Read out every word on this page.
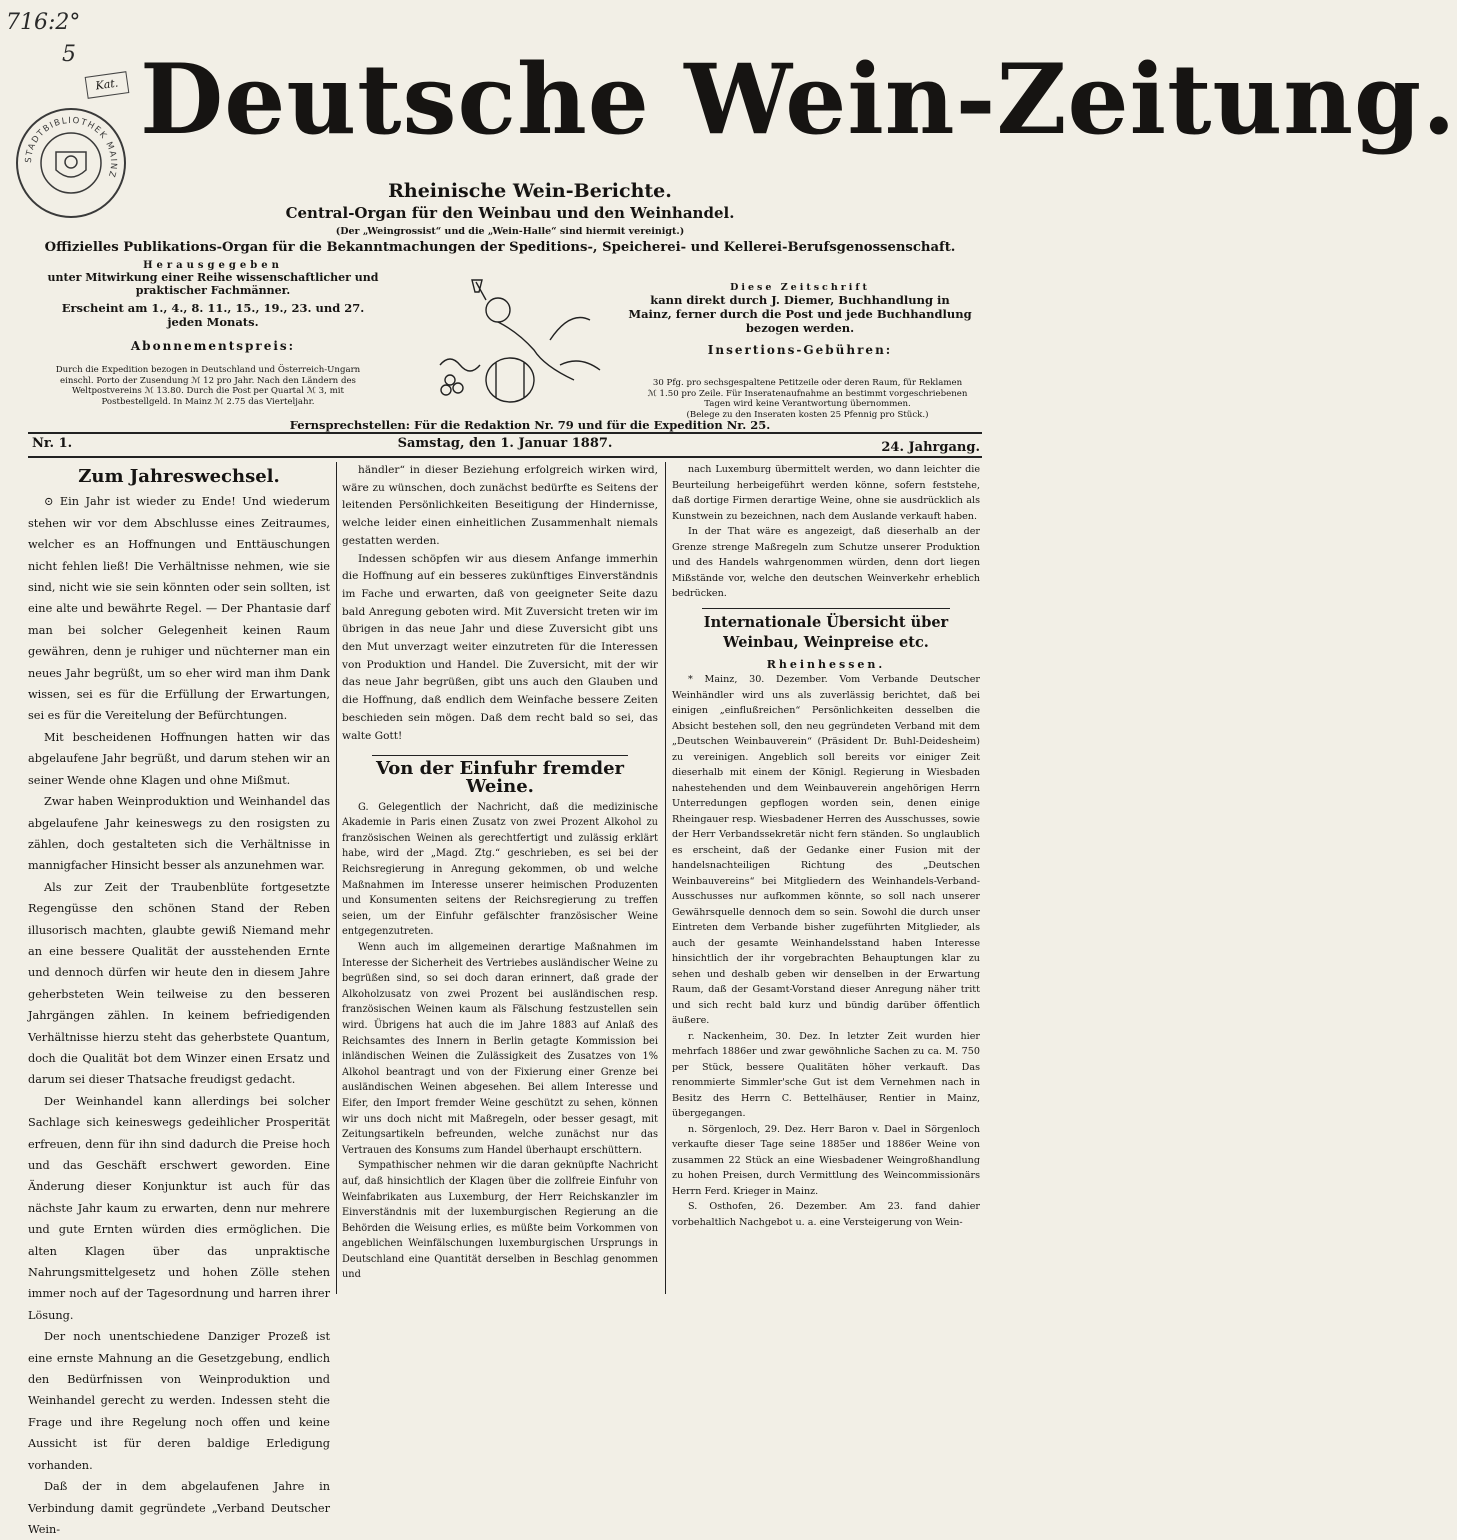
716:2°
5
Kat.
STADTBIBLIOTHEK MAINZ
Deutsche Wein-Zeitung.
Rheinische Wein-Berichte.
Central-Organ für den Weinbau und den Weinhandel.
(Der „Weingrossist“ und die „Wein-Halle“ sind hiermit vereinigt.)
Offizielles Publikations-Organ für die Bekanntmachungen der Speditions-, Speicherei- und Kellerei-Berufsgenossenschaft.
Herausgegeben
unter Mitwirkung einer Reihe wissenschaftlicher und
praktischer Fachmänner.
Erscheint am 1., 4., 8. 11., 15., 19., 23. und 27.
jeden Monats.
Abonnementspreis:
Durch die Expedition bezogen in Deutschland und Österreich-Ungarn
einschl. Porto der Zusendung ℳ 12 pro Jahr. Nach den Ländern des
Weltpostvereins ℳ 13.80. Durch die Post per Quartal ℳ 3, mit
Postbestellgeld. In Mainz ℳ 2.75 das Vierteljahr.
Diese Zeitschrift
kann direkt durch J. Diemer, Buchhandlung in
Mainz, ferner durch die Post und jede Buchhandlung
bezogen werden.
Insertions-Gebühren:
30 Pfg. pro sechsgespaltene Petitzeile oder deren Raum, für Reklamen
ℳ 1.50 pro Zeile. Für Inseratenaufnahme an bestimmt vorgeschriebenen
Tagen wird keine Verantwortung übernommen.
(Belege zu den Inseraten kosten 25 Pfennig pro Stück.)
Fernsprechstellen: Für die Redaktion Nr. 79 und für die Expedition Nr. 25.
Nr. 1.	Samstag, den 1. Januar 1887.	24. Jahrgang.
Zum Jahreswechsel.

⊙ Ein Jahr ist wieder zu Ende! Und wiederum stehen wir vor dem Abschlusse eines Zeitraumes, welcher es an Hoffnungen und Enttäuschungen nicht fehlen ließ! Die Verhältnisse nehmen, wie sie sind, nicht wie sie sein könnten oder sein sollten, ist eine alte und bewährte Regel. — Der Phantasie darf man bei solcher Gelegenheit keinen Raum gewähren, denn je ruhiger und nüchterner man ein neues Jahr begrüßt, um so eher wird man ihm Dank wissen, sei es für die Erfüllung der Erwartungen, sei es für die Vereitelung der Befürchtungen.

Mit bescheidenen Hoffnungen hatten wir das abgelaufene Jahr begrüßt, und darum stehen wir an seiner Wende ohne Klagen und ohne Mißmut.

Zwar haben Weinproduktion und Weinhandel das abgelaufene Jahr keineswegs zu den rosigsten zu zählen, doch gestalteten sich die Verhältnisse in mannigfacher Hinsicht besser als anzunehmen war.

Als zur Zeit der Traubenblüte fortgesetzte Regengüsse den schönen Stand der Reben illusorisch machten, glaubte gewiß Niemand mehr an eine bessere Qualität der ausstehenden Ernte und dennoch dürfen wir heute den in diesem Jahre geherbsteten Wein teilweise zu den besseren Jahrgängen zählen. In keinem befriedigenden Verhältnisse hierzu steht das geherbstete Quantum, doch die Qualität bot dem Winzer einen Ersatz und darum sei dieser Thatsache freudigst gedacht.

Der Weinhandel kann allerdings bei solcher Sachlage sich keineswegs gedeihlicher Prosperität erfreuen, denn für ihn sind dadurch die Preise hoch und das Geschäft erschwert geworden. Eine Änderung dieser Konjunktur ist auch für das nächste Jahr kaum zu erwarten, denn nur mehrere und gute Ernten würden dies ermöglichen. Die alten Klagen über das unpraktische Nahrungsmittelgesetz und hohen Zölle stehen immer noch auf der Tagesordnung und harren ihrer Lösung.

Der noch unentschiedene Danziger Prozeß ist eine ernste Mahnung an die Gesetzgebung, endlich den Bedürfnissen von Weinproduktion und Weinhandel gerecht zu werden. Indessen steht die Frage und ihre Regelung noch offen und keine Aussicht ist für deren baldige Erledigung vorhanden.

Daß der in dem abgelaufenen Jahre in Verbindung damit gegründete „Verband Deutscher Wein-

händler“ in dieser Beziehung erfolgreich wirken wird, wäre zu wünschen, doch zunächst bedürfte es Seitens der leitenden Persönlichkeiten Beseitigung der Hindernisse, welche leider einen einheitlichen Zusammenhalt niemals gestatten werden.

Indessen schöpfen wir aus diesem Anfange immerhin die Hoffnung auf ein besseres zukünftiges Einverständnis im Fache und erwarten, daß von geeigneter Seite dazu bald Anregung geboten wird. Mit Zuversicht treten wir im übrigen in das neue Jahr und diese Zuversicht gibt uns den Mut unverzagt weiter einzutreten für die Interessen von Produktion und Handel. Die Zuversicht, mit der wir das neue Jahr begrüßen, gibt uns auch den Glauben und die Hoffnung, daß endlich dem Weinfache bessere Zeiten beschieden sein mögen. Daß dem recht bald so sei, das walte Gott!

Von der Einfuhr fremder Weine.

G. Gelegentlich der Nachricht, daß die medizinische Akademie in Paris einen Zusatz von zwei Prozent Alkohol zu französischen Weinen als gerechtfertigt und zulässig erklärt habe, wird der „Magd. Ztg.“ geschrieben, es sei bei der Reichsregierung in Anregung gekommen, ob und welche Maßnahmen im Interesse unserer heimischen Produzenten und Konsumenten seitens der Reichsregierung zu treffen seien, um der Einfuhr gefälschter französischer Weine entgegenzutreten.

Wenn auch im allgemeinen derartige Maßnahmen im Interesse der Sicherheit des Vertriebes ausländischer Weine zu begrüßen sind, so sei doch daran erinnert, daß grade der Alkoholzusatz von zwei Prozent bei ausländischen resp. französischen Weinen kaum als Fälschung festzustellen sein wird. Übrigens hat auch die im Jahre 1883 auf Anlaß des Reichsamtes des Innern in Berlin getagte Kommission bei inländischen Weinen die Zulässigkeit des Zusatzes von 1% Alkohol beantragt und von der Fixierung einer Grenze bei ausländischen Weinen abgesehen. Bei allem Interesse und Eifer, den Import fremder Weine geschützt zu sehen, können wir uns doch nicht mit Maßregeln, oder besser gesagt, mit Zeitungsartikeln befreunden, welche zunächst nur das Vertrauen des Konsums zum Handel überhaupt erschüttern.

Sympathischer nehmen wir die daran geknüpfte Nachricht auf, daß hinsichtlich der Klagen über die zollfreie Einfuhr von Weinfabrikaten aus Luxemburg, der Herr Reichskanzler im Einverständnis mit der luxemburgischen Regierung an die Behörden die Weisung erlies, es müßte beim Vorkommen von angeblichen Weinfälschungen luxemburgischen Ursprungs in Deutschland eine Quantität derselben in Beschlag genommen und

nach Luxemburg übermittelt werden, wo dann leichter die Beurteilung herbeigeführt werden könne, sofern feststehe, daß dortige Firmen derartige Weine, ohne sie ausdrücklich als Kunstwein zu bezeichnen, nach dem Auslande verkauft haben.

In der That wäre es angezeigt, daß dieserhalb an der Grenze strenge Maßregeln zum Schutze unserer Produktion und des Handels wahrgenommen würden, denn dort liegen Mißstände vor, welche den deutschen Weinverkehr erheblich bedrücken.

Internationale Übersicht über Weinbau, Weinpreise etc.
Rheinhessen.

* Mainz, 30. Dezember. Vom Verbande Deutscher Weinhändler wird uns als zuverlässig berichtet, daß bei einigen „einflußreichen“ Persönlichkeiten desselben die Absicht bestehen soll, den neu gegründeten Verband mit dem „Deutschen Weinbauverein“ (Präsident Dr. Buhl-Deidesheim) zu vereinigen. Angeblich soll bereits vor einiger Zeit dieserhalb mit einem der Königl. Regierung in Wiesbaden nahestehenden und dem Weinbauverein angehörigen Herrn Unterredungen gepflogen worden sein, denen einige Rheingauer resp. Wiesbadener Herren des Ausschusses, sowie der Herr Verbandssekretär nicht fern ständen. So unglaublich es erscheint, daß der Gedanke einer Fusion mit der handelsnachteiligen Richtung des „Deutschen Weinbauvereins“ bei Mitgliedern des Weinhandels-Verband-Ausschusses nur aufkommen könnte, so soll nach unserer Gewährsquelle dennoch dem so sein. Sowohl die durch unser Eintreten dem Verbande bisher zugeführten Mitglieder, als auch der gesamte Weinhandelsstand haben Interesse hinsichtlich der ihr vorgebrachten Behauptungen klar zu sehen und deshalb geben wir denselben in der Erwartung Raum, daß der Gesamt-Vorstand dieser Anregung näher tritt und sich recht bald kurz und bündig darüber öffentlich äußere.

r. Nackenheim, 30. Dez. In letzter Zeit wurden hier mehrfach 1886er und zwar gewöhnliche Sachen zu ca. M. 750 per Stück, bessere Qualitäten höher verkauft. Das renommierte Simmler'sche Gut ist dem Vernehmen nach in Besitz des Herrn C. Bettelhäuser, Rentier in Mainz, übergegangen.

n. Sörgenloch, 29. Dez. Herr Baron v. Dael in Sörgenloch verkaufte dieser Tage seine 1885er und 1886er Weine von zusammen 22 Stück an eine Wiesbadener Weingroßhandlung zu hohen Preisen, durch Vermittlung des Weincommissionärs Herrn Ferd. Krieger in Mainz.

S. Osthofen, 26. Dezember. Am 23. fand dahier vorbehaltlich Nachgebot u. a. eine Versteigerung von Wein-
